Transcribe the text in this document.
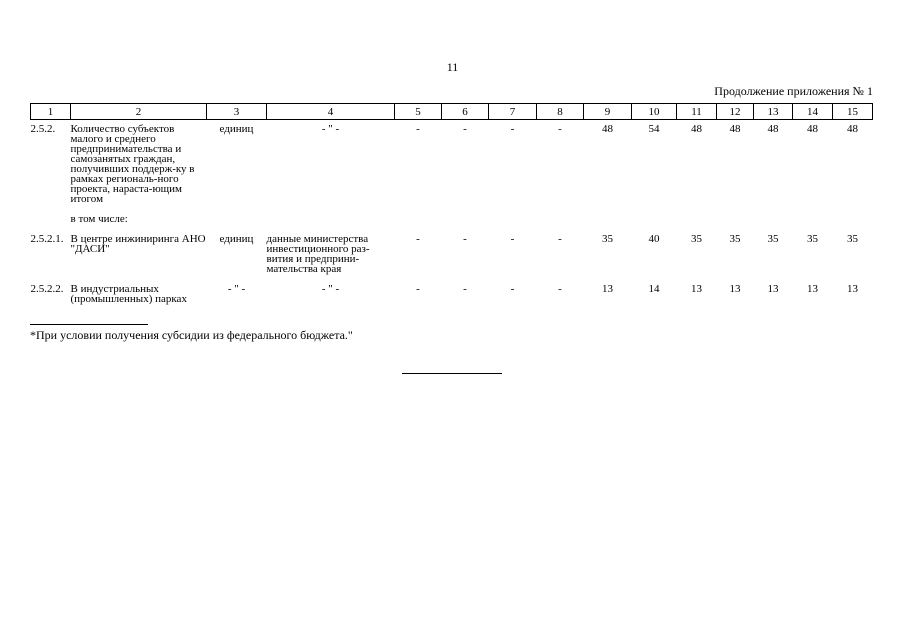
11
Продолжение приложения № 1
1	2	3	4	5	6	7	8	9	10	11	12	13	14	15
2.5.2.	Количество субъектов малого и среднего предпринимательства и самозанятых граждан, получивших поддерж-ку в рамках региональ-ного проекта, нараста-ющим итогом	единиц	- " -	-	-	-	-	48	54	48	48	48	48	48
	в том числе:													
2.5.2.1.	В центре инжиниринга АНО "ДАСИ"	единиц	данные министерства инвестиционного раз-вития и предприни-мательства края	-	-	-	-	35	40	35	35	35	35	35
2.5.2.2.	В индустриальных (промышленных) парках	- " -	- " -	-	-	-	-	13	14	13	13	13	13	13
*При условии получения субсидии из федерального бюджета."
